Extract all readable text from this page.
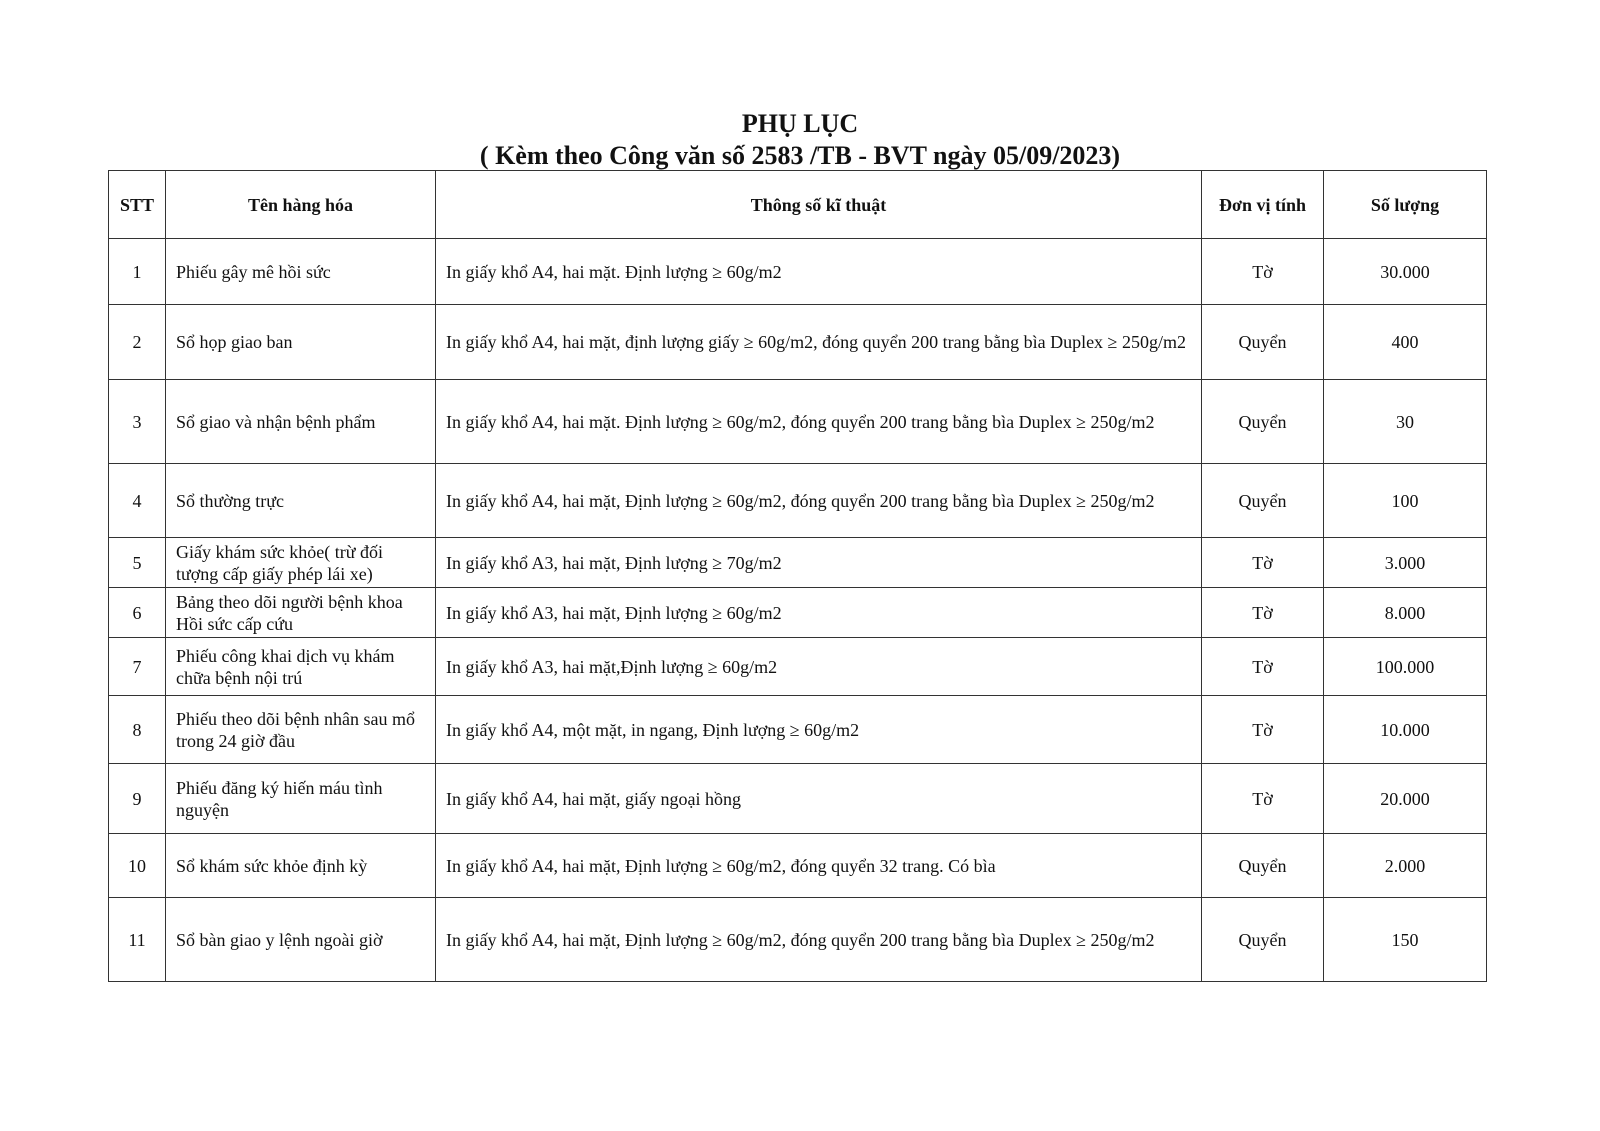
PHỤ LỤC
( Kèm theo Công văn số 2583 /TB - BVT ngày 05/09/2023)
STT	Tên hàng hóa	Thông số kĩ thuật	Đơn vị tính	Số lượng
1	Phiếu gây mê hồi sức	In giấy khổ A4, hai mặt. Định lượng ≥ 60g/m2	Tờ	30.000
2	Sổ họp giao ban	In giấy khổ A4, hai mặt, định lượng giấy ≥ 60g/m2, đóng quyển 200 trang bằng bìa Duplex ≥ 250g/m2	Quyển	400
3	Sổ giao và nhận bệnh phẩm	In giấy khổ A4, hai mặt. Định lượng ≥ 60g/m2, đóng quyển 200 trang bằng bìa Duplex ≥ 250g/m2	Quyển	30
4	Sổ thường trực	In giấy khổ A4, hai mặt, Định lượng ≥ 60g/m2, đóng quyển 200 trang bằng bìa Duplex ≥ 250g/m2	Quyển	100
5	Giấy khám sức khỏe( trừ đối tượng cấp giấy phép lái xe)	In giấy khổ A3, hai mặt, Định lượng ≥ 70g/m2	Tờ	3.000
6	Bảng theo dõi người bệnh khoa Hồi sức cấp cứu	In giấy khổ A3, hai mặt, Định lượng ≥ 60g/m2	Tờ	8.000
7	Phiếu công khai dịch vụ khám chữa bệnh nội trú	In giấy khổ A3, hai mặt,Định lượng ≥ 60g/m2	Tờ	100.000
8	Phiếu theo dõi bệnh nhân sau mổ trong 24 giờ đầu	In giấy khổ A4, một mặt, in ngang, Định lượng ≥ 60g/m2	Tờ	10.000
9	Phiếu đăng ký hiến máu tình nguyện	In giấy khổ A4, hai mặt, giấy ngoại hồng	Tờ	20.000
10	Sổ khám sức khỏe định kỳ	In giấy khổ A4, hai mặt, Định lượng ≥ 60g/m2, đóng quyển 32 trang. Có bìa	Quyển	2.000
11	Sổ bàn giao y lệnh ngoài giờ	In giấy khổ A4, hai mặt, Định lượng ≥ 60g/m2, đóng quyển 200 trang bằng bìa Duplex ≥ 250g/m2	Quyển	150
